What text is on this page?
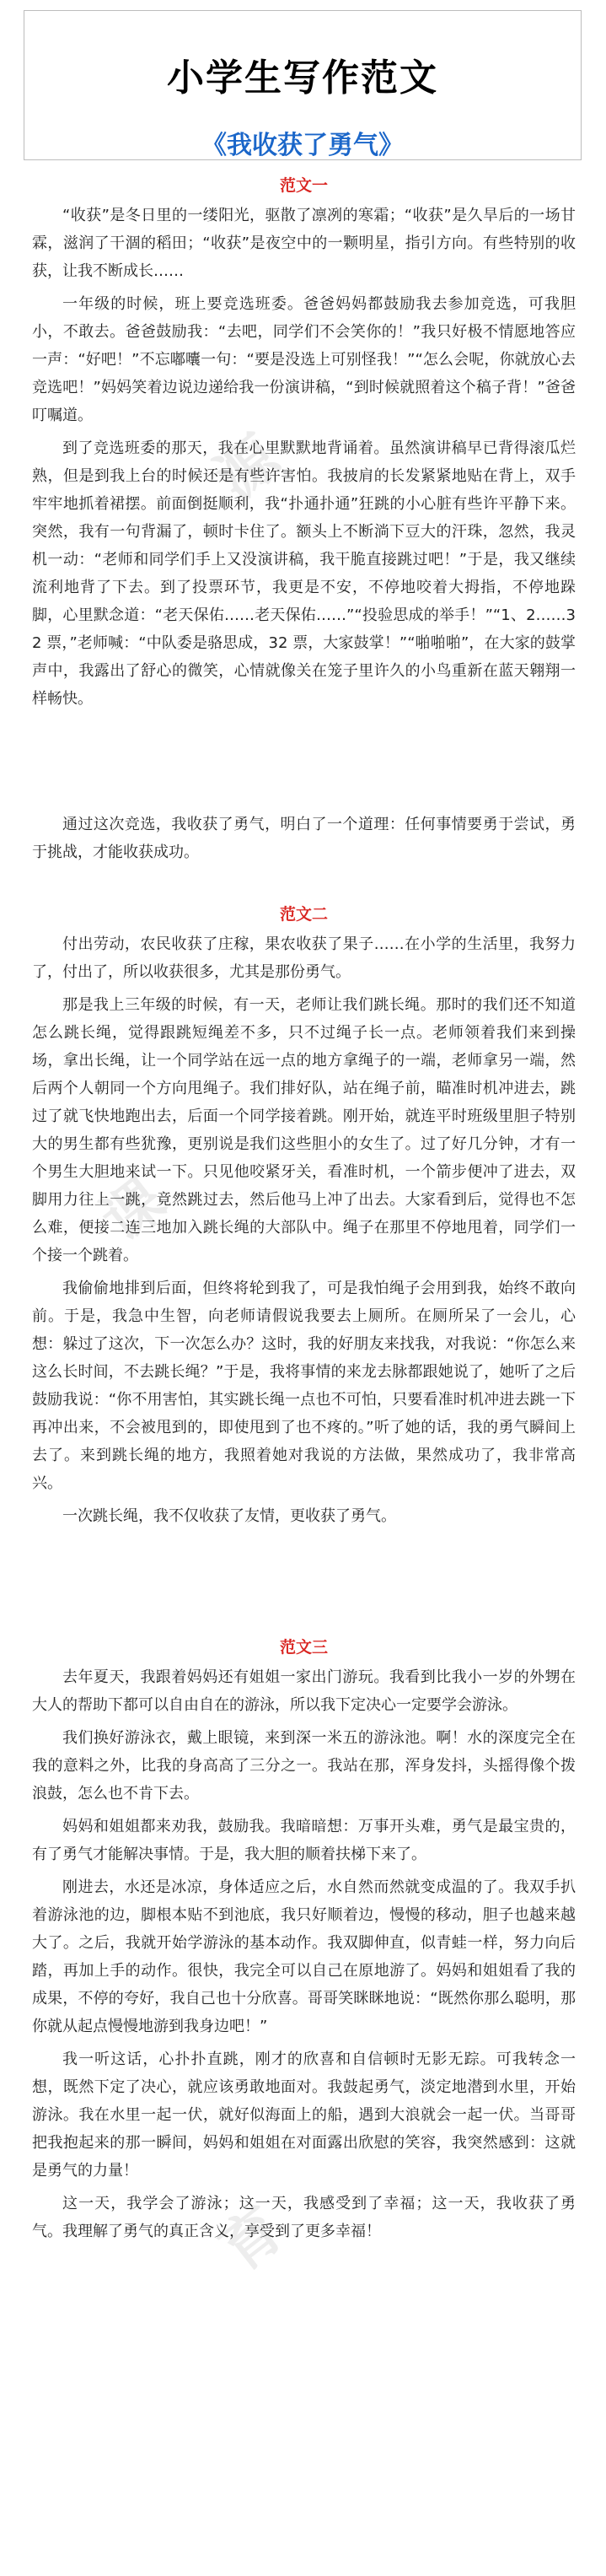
小学生写作范文
《我收获了勇气》
源
课
育
范文一

“收获”是冬日里的一缕阳光，驱散了凛冽的寒霜；“收获”是久旱后的一场甘霖，滋润了干涸的稻田；“收获”是夜空中的一颗明星，指引方向。有些特别的收获，让我不断成长……

一年级的时候，班上要竞选班委。爸爸妈妈都鼓励我去参加竞选，可我胆小，不敢去。爸爸鼓励我：“去吧，同学们不会笑你的！”我只好极不情愿地答应一声：“好吧！”不忘嘟囔一句：“要是没选上可别怪我！”“怎么会呢，你就放心去竞选吧！”妈妈笑着边说边递给我一份演讲稿，“到时候就照着这个稿子背！”爸爸叮嘱道。

到了竞选班委的那天，我在心里默默地背诵着。虽然演讲稿早已背得滚瓜烂熟，但是到我上台的时候还是有些许害怕。我披肩的长发紧紧地贴在背上，双手牢牢地抓着裙摆。前面倒挺顺利，我“扑通扑通”狂跳的小心脏有些许平静下来。突然，我有一句背漏了，顿时卡住了。额头上不断淌下豆大的汗珠，忽然，我灵机一动：“老师和同学们手上又没演讲稿，我干脆直接跳过吧！”于是，我又继续流利地背了下去。到了投票环节，我更是不安，不停地咬着大拇指，不停地跺脚，心里默念道：“老天保佑……老天保佑……”“投验思成的举手！”“1、2……32 票，”老师喊：“中队委是骆思成，32 票，大家鼓掌！”“啪啪啪”，在大家的鼓掌声中，我露出了舒心的微笑，心情就像关在笼子里许久的小鸟重新在蓝天翱翔一样畅快。

通过这次竞选，我收获了勇气，明白了一个道理：任何事情要勇于尝试，勇于挑战，才能收获成功。

范文二

付出劳动，农民收获了庄稼，果农收获了果子……在小学的生活里，我努力了，付出了，所以收获很多，尤其是那份勇气。

那是我上三年级的时候，有一天，老师让我们跳长绳。那时的我们还不知道怎么跳长绳，觉得跟跳短绳差不多，只不过绳子长一点。老师领着我们来到操场，拿出长绳，让一个同学站在远一点的地方拿绳子的一端，老师拿另一端，然后两个人朝同一个方向甩绳子。我们排好队，站在绳子前，瞄准时机冲进去，跳过了就飞快地跑出去，后面一个同学接着跳。刚开始，就连平时班级里胆子特别大的男生都有些犹豫，更别说是我们这些胆小的女生了。过了好几分钟，才有一个男生大胆地来试一下。只见他咬紧牙关，看准时机，一个箭步便冲了进去，双脚用力往上一跳，竟然跳过去，然后他马上冲了出去。大家看到后，觉得也不怎么难，便接二连三地加入跳长绳的大部队中。绳子在那里不停地甩着，同学们一个接一个跳着。

我偷偷地排到后面，但终将轮到我了，可是我怕绳子会用到我，始终不敢向前。于是，我急中生智，向老师请假说我要去上厕所。在厕所呆了一会儿，心想：躲过了这次，下一次怎么办？这时，我的好朋友来找我，对我说：“你怎么来这么长时间，不去跳长绳？”于是，我将事情的来龙去脉都跟她说了，她听了之后鼓励我说：“你不用害怕，其实跳长绳一点也不可怕，只要看准时机冲进去跳一下再冲出来，不会被甩到的，即使甩到了也不疼的。”听了她的话，我的勇气瞬间上去了。来到跳长绳的地方，我照着她对我说的方法做，果然成功了，我非常高兴。

一次跳长绳，我不仅收获了友情，更收获了勇气。

范文三

去年夏天，我跟着妈妈还有姐姐一家出门游玩。我看到比我小一岁的外甥在大人的帮助下都可以自由自在的游泳，所以我下定决心一定要学会游泳。

我们换好游泳衣，戴上眼镜，来到深一米五的游泳池。啊！水的深度完全在我的意料之外，比我的身高高了三分之一。我站在那，浑身发抖，头摇得像个拨浪鼓，怎么也不肯下去。

妈妈和姐姐都来劝我，鼓励我。我暗暗想：万事开头难，勇气是最宝贵的，有了勇气才能解决事情。于是，我大胆的顺着扶梯下来了。

刚进去，水还是冰凉，身体适应之后，水自然而然就变成温的了。我双手扒着游泳池的边，脚根本贴不到池底，我只好顺着边，慢慢的移动，胆子也越来越大了。之后，我就开始学游泳的基本动作。我双脚伸直，似青蛙一样，努力向后踏，再加上手的动作。很快，我完全可以自己在原地游了。妈妈和姐姐看了我的成果，不停的夸好，我自己也十分欣喜。哥哥笑眯眯地说：“既然你那么聪明，那你就从起点慢慢地游到我身边吧！”

我一听这话，心扑扑直跳，刚才的欣喜和自信顿时无影无踪。可我转念一想，既然下定了决心，就应该勇敢地面对。我鼓起勇气，淡定地潜到水里，开始游泳。我在水里一起一伏，就好似海面上的船，遇到大浪就会一起一伏。当哥哥把我抱起来的那一瞬间，妈妈和姐姐在对面露出欣慰的笑容，我突然感到：这就是勇气的力量！

这一天，我学会了游泳；这一天，我感受到了幸福；这一天，我收获了勇气。我理解了勇气的真正含义，享受到了更多幸福！
